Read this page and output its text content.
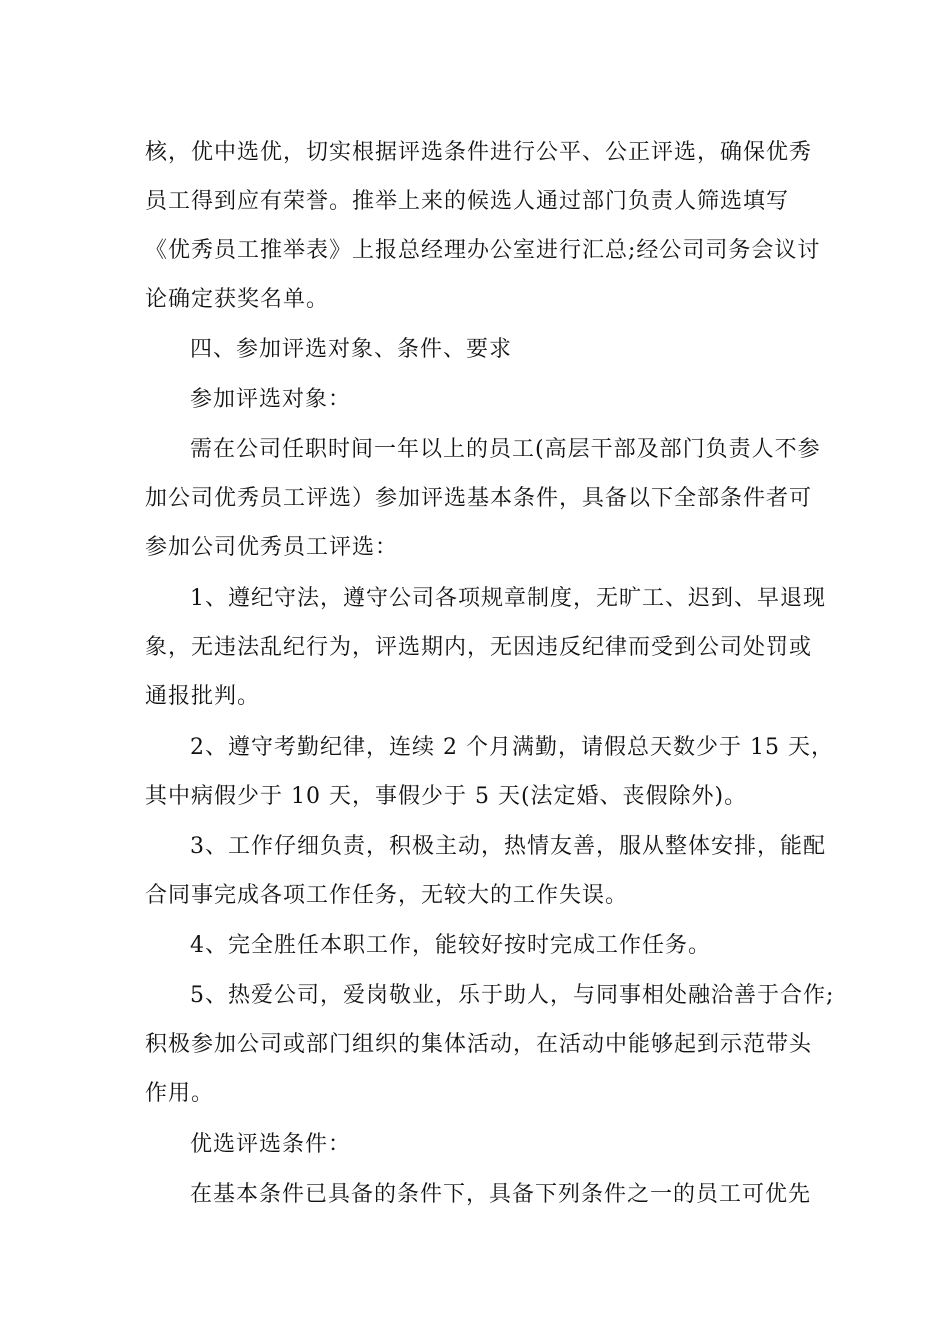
核，优中选优，切实根据评选条件进行公平、公正评选，确保优秀
员工得到应有荣誉。推举上来的候选人通过部门负责人筛选填写
《优秀员工推举表》上报总经理办公室进行汇总;经公司司务会议讨
论确定获奖名单。
四、参加评选对象、条件、要求
参加评选对象：
需在公司任职时间一年以上的员工(高层干部及部门负责人不参
加公司优秀员工评选）参加评选基本条件，具备以下全部条件者可
参加公司优秀员工评选：
1、遵纪守法，遵守公司各项规章制度，无旷工、迟到、早退现
象，无违法乱纪行为，评选期内，无因违反纪律而受到公司处罚或
通报批判。
2、遵守考勤纪律，连续 2 个月满勤，请假总天数少于 15 天，
其中病假少于 10 天，事假少于 5 天(法定婚、丧假除外)。
3、工作仔细负责，积极主动，热情友善，服从整体安排，能配
合同事完成各项工作任务，无较大的工作失误。
4、完全胜任本职工作，能较好按时完成工作任务。
5、热爱公司，爱岗敬业，乐于助人，与同事相处融洽善于合作;
积极参加公司或部门组织的集体活动，在活动中能够起到示范带头
作用。
优选评选条件：
在基本条件已具备的条件下，具备下列条件之一的员工可优先
